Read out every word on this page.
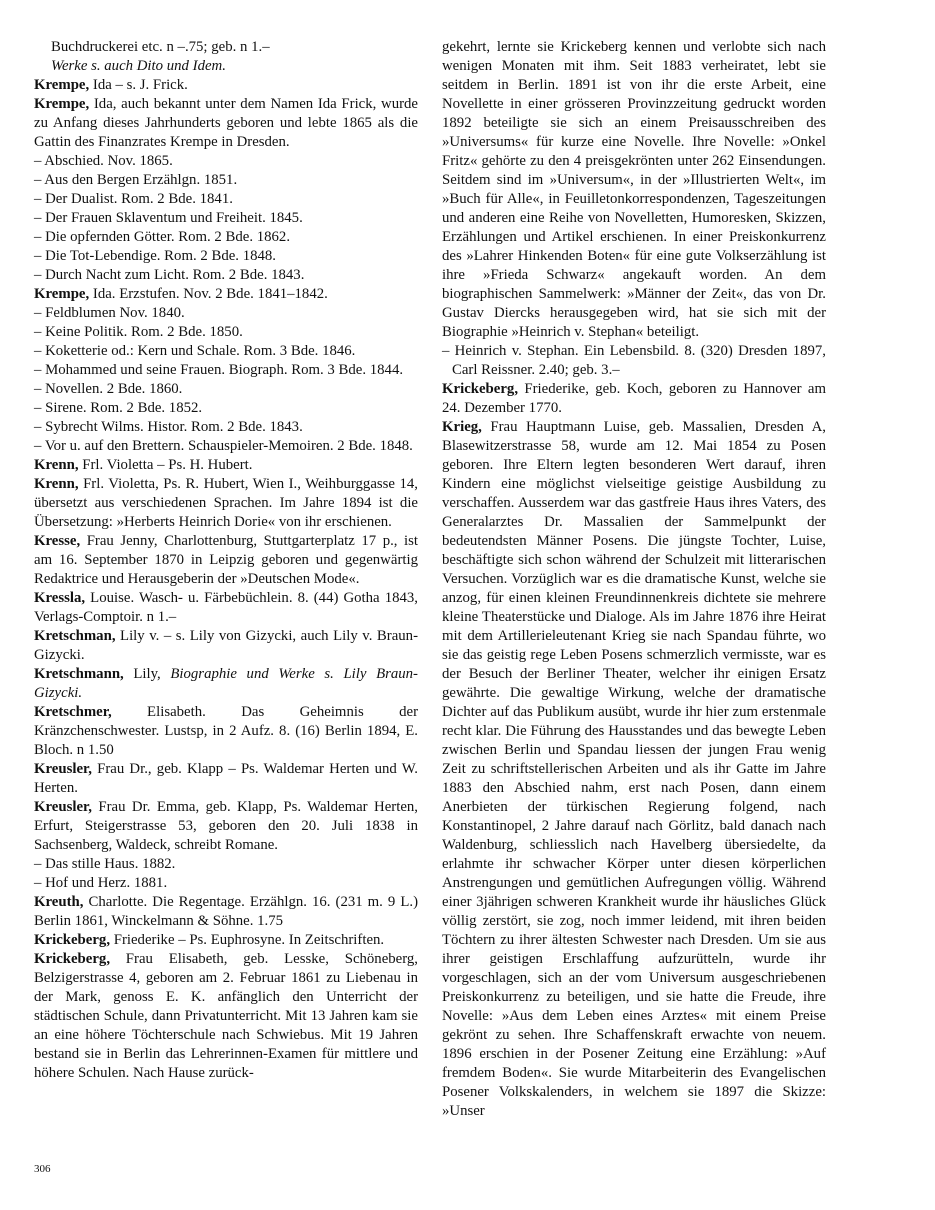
Buchdruckerei etc. n –.75; geb. n 1.–

Werke s. auch Dito und Idem.

Krempe, Ida – s. J. Frick.

Krempe, Ida, auch bekannt unter dem Namen Ida Frick, wurde zu Anfang dieses Jahrhunderts geboren und lebte 1865 als die Gattin des Finanzrates Krempe in Dresden.

– Abschied. Nov. 1865.

– Aus den Bergen Erzählgn. 1851.

– Der Dualist. Rom. 2 Bde. 1841.

– Der Frauen Sklaventum und Freiheit. 1845.

– Die opfernden Götter. Rom. 2 Bde. 1862.

– Die Tot-Lebendige. Rom. 2 Bde. 1848.

– Durch Nacht zum Licht. Rom. 2 Bde. 1843.

Krempe, Ida. Erzstufen. Nov. 2 Bde. 1841–1842.

– Feldblumen Nov. 1840.

– Keine Politik. Rom. 2 Bde. 1850.

– Koketterie od.: Kern und Schale. Rom. 3 Bde. 1846.

– Mohammed und seine Frauen. Biograph. Rom. 3 Bde. 1844.

– Novellen. 2 Bde. 1860.

– Sirene. Rom. 2 Bde. 1852.

– Sybrecht Wilms. Histor. Rom. 2 Bde. 1843.

– Vor u. auf den Brettern. Schauspieler-Memoiren. 2 Bde. 1848.

Krenn, Frl. Violetta – Ps. H. Hubert.

Krenn, Frl. Violetta, Ps. R. Hubert, Wien I., Weihburggasse 14, übersetzt aus verschiedenen Sprachen. Im Jahre 1894 ist die Übersetzung: »Herberts Heinrich Dorie« von ihr erschienen.

Kresse, Frau Jenny, Charlottenburg, Stuttgarterplatz 17 p., ist am 16. September 1870 in Leipzig geboren und gegenwärtig Redaktrice und Herausgeberin der »Deutschen Mode«.

Kressla, Louise. Wasch- u. Färbebüchlein. 8. (44) Gotha 1843, Verlags-Comptoir. n 1.–

Kretschman, Lily v. – s. Lily von Gizycki, auch Lily v. Braun-Gizycki.

Kretschmann, Lily, Biographie und Werke s. Lily Braun-Gizycki.

Kretschmer, Elisabeth. Das Geheimnis der Kränzchenschwester. Lustsp, in 2 Aufz. 8. (16) Berlin 1894, E. Bloch. n 1.50

Kreusler, Frau Dr., geb. Klapp – Ps. Waldemar Herten und W. Herten.

Kreusler, Frau Dr. Emma, geb. Klapp, Ps. Waldemar Herten, Erfurt, Steigerstrasse 53, geboren den 20. Juli 1838 in Sachsenberg, Waldeck, schreibt Romane.

– Das stille Haus. 1882.

– Hof und Herz. 1881.

Kreuth, Charlotte. Die Regentage. Erzählgn. 16. (231 m. 9 L.) Berlin 1861, Winckelmann & Söhne. 1.75

Krickeberg, Friederike – Ps. Euphrosyne. In Zeitschriften.

Krickeberg, Frau Elisabeth, geb. Lesske, Schöneberg, Belzigerstrasse 4, geboren am 2. Februar 1861 zu Liebenau in der Mark, genoss E. K. anfänglich den Unterricht der städtischen Schule, dann Privatunterricht. Mit 13 Jahren kam sie an eine höhere Töchterschule nach Schwiebus. Mit 19 Jahren bestand sie in Berlin das Lehrerinnen-Examen für mittlere und höhere Schulen. Nach Hause zurück-

gekehrt, lernte sie Krickeberg kennen und verlobte sich nach wenigen Monaten mit ihm. Seit 1883 verheiratet, lebt sie seitdem in Berlin. 1891 ist von ihr die erste Arbeit, eine Novellette in einer grösseren Provinzzeitung gedruckt worden 1892 beteiligte sie sich an einem Preisausschreiben des »Universums« für kurze eine Novelle. Ihre Novelle: »Onkel Fritz« gehörte zu den 4 preisgekrönten unter 262 Einsendungen. Seitdem sind im »Universum«, in der »Illustrierten Welt«, im »Buch für Alle«, in Feuilletonkorrespondenzen, Tageszeitungen und anderen eine Reihe von Novelletten, Humoresken, Skizzen, Erzählungen und Artikel erschienen. In einer Preiskonkurrenz des »Lahrer Hinkenden Boten« für eine gute Volkserzählung ist ihre »Frieda Schwarz« angekauft worden. An dem biographischen Sammelwerk: »Männer der Zeit«, das von Dr. Gustav Diercks herausgegeben wird, hat sie sich mit der Biographie »Heinrich v. Stephan« beteiligt.

– Heinrich v. Stephan. Ein Lebensbild. 8. (320) Dresden 1897, Carl Reissner. 2.40; geb. 3.–

Krickeberg, Friederike, geb. Koch, geboren zu Hannover am 24. Dezember 1770.

Krieg, Frau Hauptmann Luise, geb. Massalien, Dresden A, Blasewitzerstrasse 58, wurde am 12. Mai 1854 zu Posen geboren. Ihre Eltern legten besonderen Wert darauf, ihren Kindern eine möglichst vielseitige geistige Ausbildung zu verschaffen. Ausserdem war das gastfreie Haus ihres Vaters, des Generalarztes Dr. Massalien der Sammelpunkt der bedeutendsten Männer Posens. Die jüngste Tochter, Luise, beschäftigte sich schon während der Schulzeit mit litterarischen Versuchen. Vorzüglich war es die dramatische Kunst, welche sie anzog, für einen kleinen Freundinnenkreis dichtete sie mehrere kleine Theaterstücke und Dialoge. Als im Jahre 1876 ihre Heirat mit dem Artillerieleutenant Krieg sie nach Spandau führte, wo sie das geistig rege Leben Posens schmerzlich vermisste, war es der Besuch der Berliner Theater, welcher ihr einigen Ersatz gewährte. Die gewaltige Wirkung, welche der dramatische Dichter auf das Publikum ausübt, wurde ihr hier zum erstenmale recht klar. Die Führung des Hausstandes und das bewegte Leben zwischen Berlin und Spandau liessen der jungen Frau wenig Zeit zu schriftstellerischen Arbeiten und als ihr Gatte im Jahre 1883 den Abschied nahm, erst nach Posen, dann einem Anerbieten der türkischen Regierung folgend, nach Konstantinopel, 2 Jahre darauf nach Görlitz, bald danach nach Waldenburg, schliesslich nach Havelberg übersiedelte, da erlahmte ihr schwacher Körper unter diesen körperlichen Anstrengungen und gemütlichen Aufregungen völlig. Während einer 3jährigen schweren Krankheit wurde ihr häusliches Glück völlig zerstört, sie zog, noch immer leidend, mit ihren beiden Töchtern zu ihrer ältesten Schwester nach Dresden. Um sie aus ihrer geistigen Erschlaffung aufzurütteln, wurde ihr vorgeschlagen, sich an der vom Universum ausgeschriebenen Preiskonkurrenz zu beteiligen, und sie hatte die Freude, ihre Novelle: »Aus dem Leben eines Arztes« mit einem Preise gekrönt zu sehen. Ihre Schaffenskraft erwachte von neuem. 1896 erschien in der Posener Zeitung eine Erzählung: »Auf fremdem Boden«. Sie wurde Mitarbeiterin des Evangelischen Posener Volkskalenders, in welchem sie 1897 die Skizze: »Unser

306
